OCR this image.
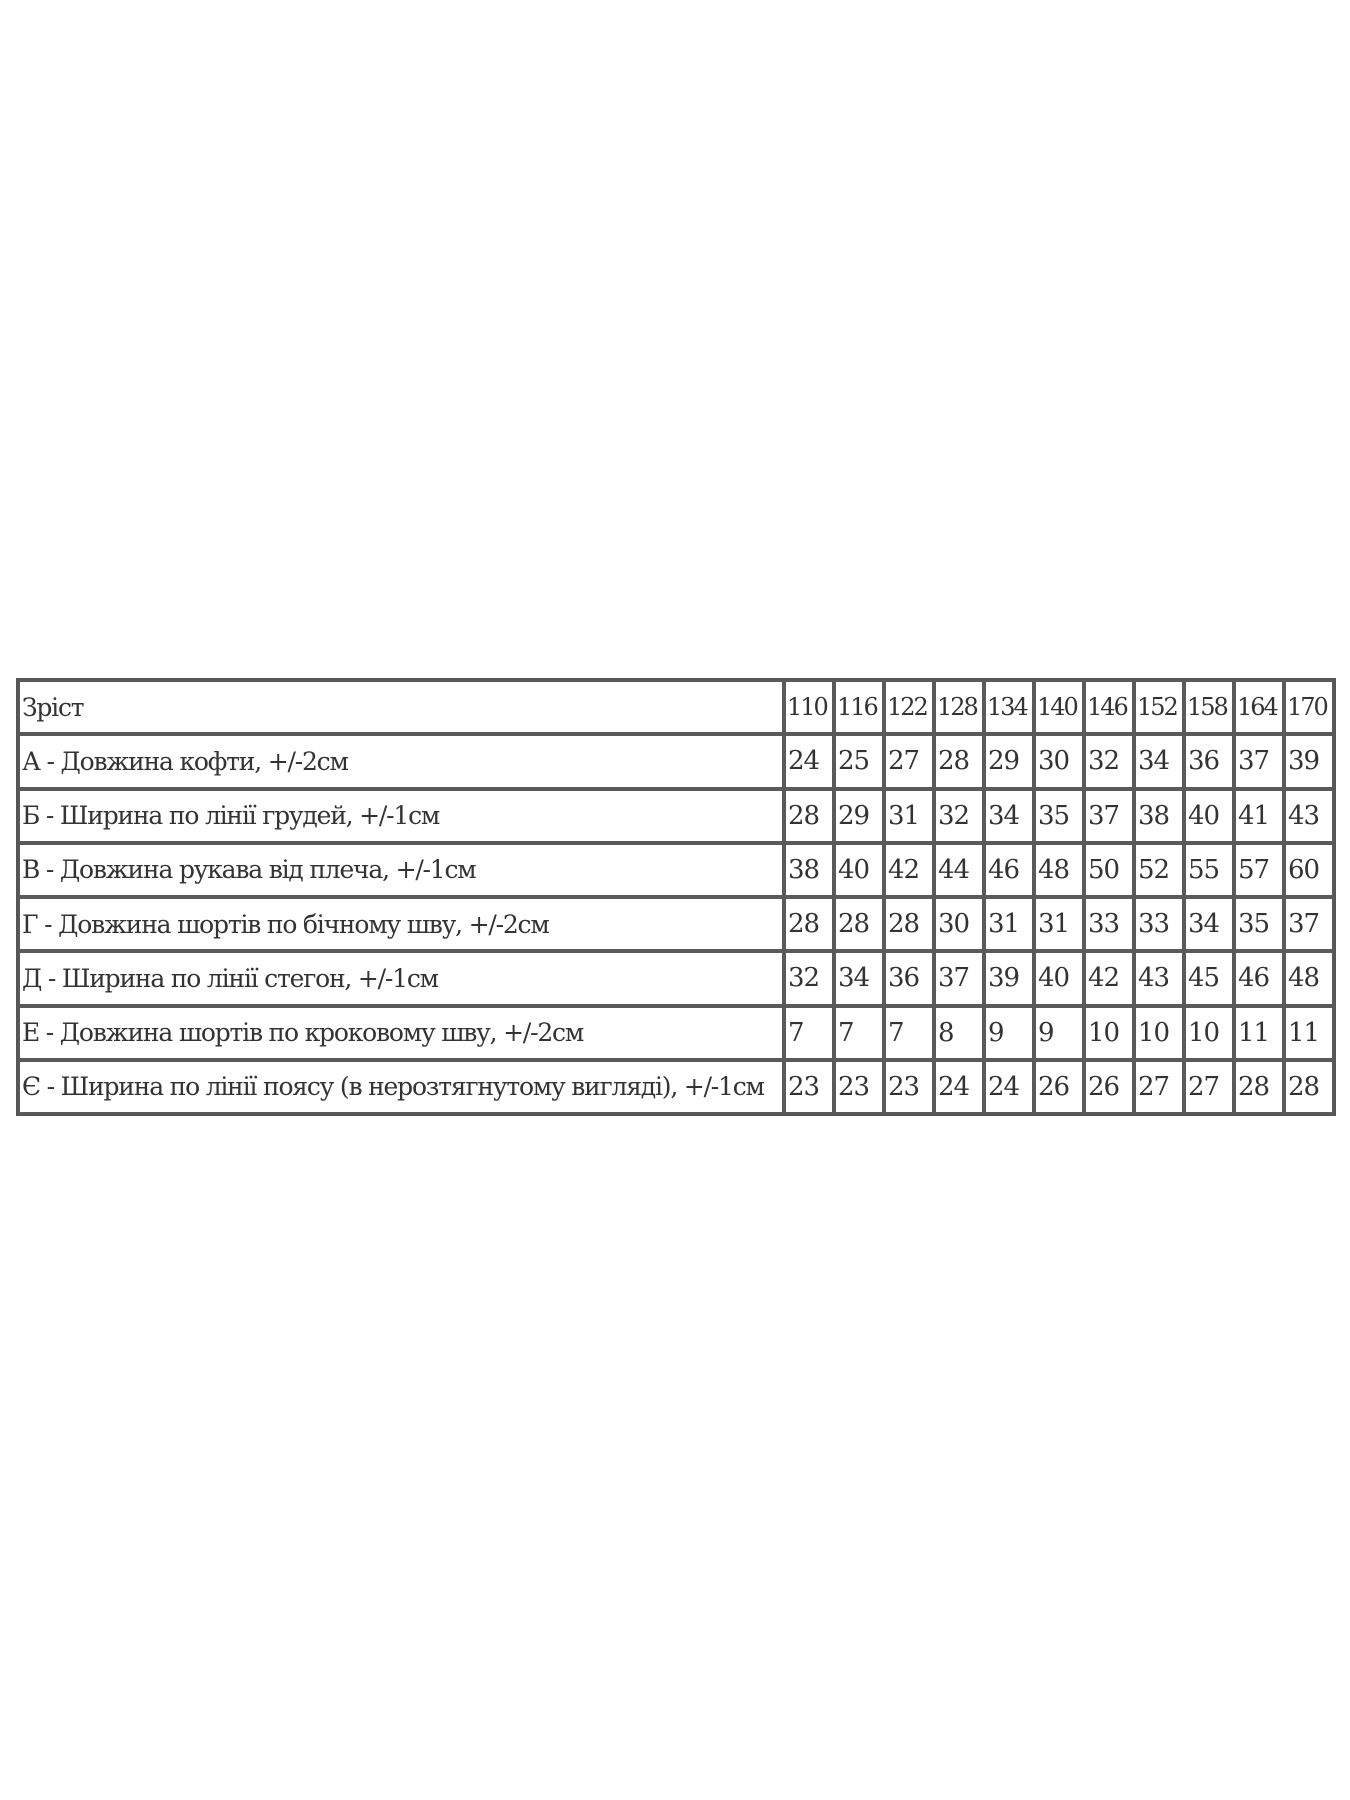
Зріст	110	116	122	128	134	140	146	152	158	164	170
А - Довжина кофти, +/-2см	24	25	27	28	29	30	32	34	36	37	39
Б - Ширина по лінії грудей, +/-1см	28	29	31	32	34	35	37	38	40	41	43
В - Довжина рукава від плеча, +/-1см	38	40	42	44	46	48	50	52	55	57	60
Г - Довжина шортів по бічному шву, +/-2см	28	28	28	30	31	31	33	33	34	35	37
Д - Ширина по лінії стегон, +/-1см	32	34	36	37	39	40	42	43	45	46	48
Е - Довжина шортів по кроковому шву, +/-2см	7	7	7	8	9	9	10	10	10	11	11
Є - Ширина по лінії поясу (в нерозтягнутому вигляді), +/-1см	23	23	23	24	24	26	26	27	27	28	28
